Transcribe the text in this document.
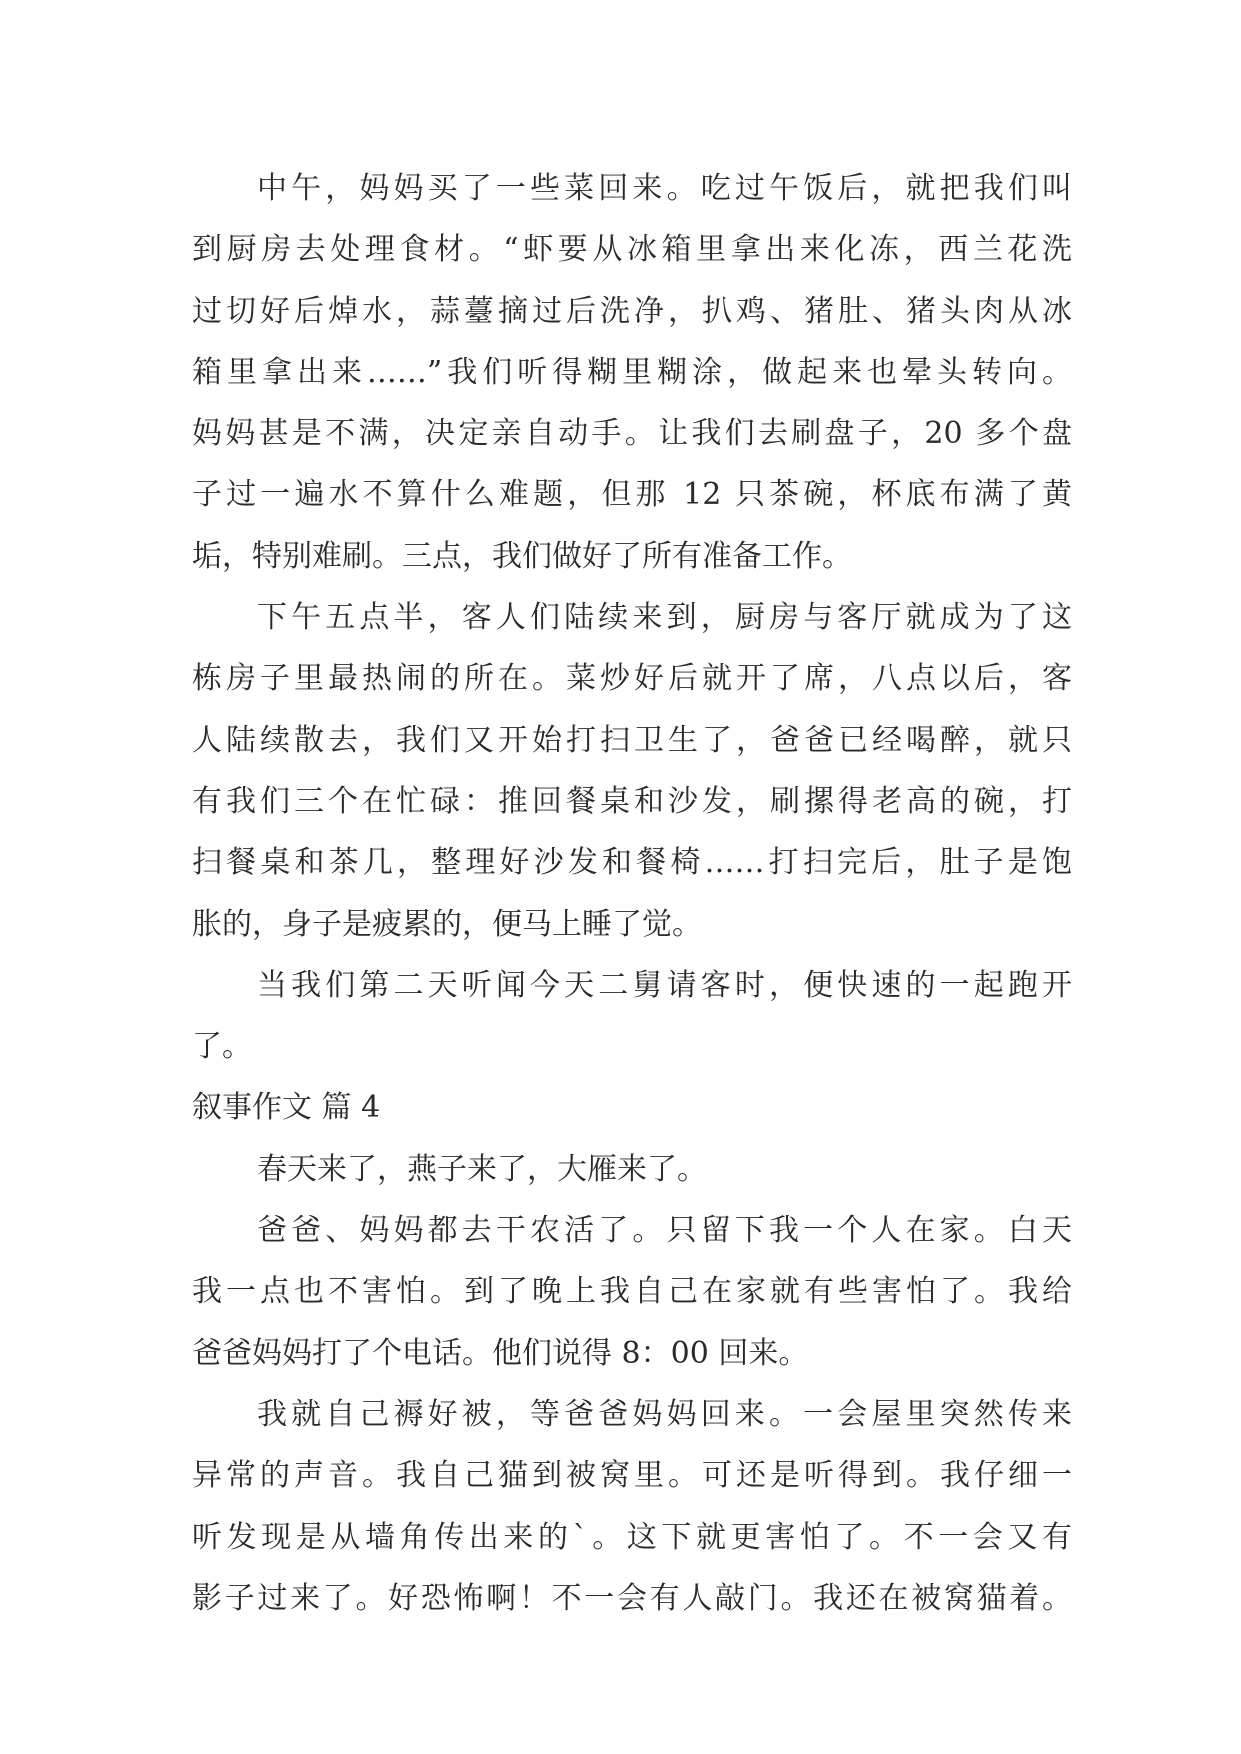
中午，妈妈买了一些菜回来。吃过午饭后，就把我们叫
到厨房去处理食材。“虾要从冰箱里拿出来化冻，西兰花洗
过切好后焯水，蒜薹摘过后洗净，扒鸡、猪肚、猪头肉从冰
箱里拿出来……”我们听得糊里糊涂，做起来也晕头转向。
妈妈甚是不满，决定亲自动手。让我们去刷盘子，20 多个盘
子过一遍水不算什么难题，但那 12 只茶碗，杯底布满了黄
垢，特别难刷。三点，我们做好了所有准备工作。
下午五点半，客人们陆续来到，厨房与客厅就成为了这
栋房子里最热闹的所在。菜炒好后就开了席，八点以后，客
人陆续散去，我们又开始打扫卫生了，爸爸已经喝醉，就只
有我们三个在忙碌：推回餐桌和沙发，刷摞得老高的碗，打
扫餐桌和茶几，整理好沙发和餐椅……打扫完后，肚子是饱
胀的，身子是疲累的，便马上睡了觉。
当我们第二天听闻今天二舅请客时，便快速的一起跑开
了。
叙事作文 篇 4
春天来了，燕子来了，大雁来了。
爸爸、妈妈都去干农活了。只留下我一个人在家。白天
我一点也不害怕。到了晚上我自己在家就有些害怕了。我给
爸爸妈妈打了个电话。他们说得 8：00 回来。
我就自己褥好被，等爸爸妈妈回来。一会屋里突然传来
异常的声音。我自己猫到被窝里。可还是听得到。我仔细一
听发现是从墙角传出来的`。这下就更害怕了。不一会又有
影子过来了。好恐怖啊！不一会有人敲门。我还在被窝猫着。
